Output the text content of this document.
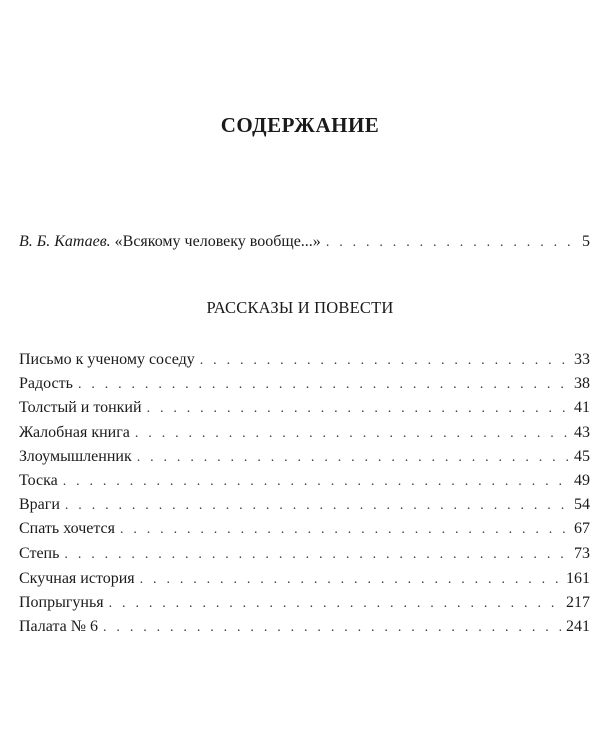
СОДЕРЖАНИЕ
В. Б. Катаев. «Всякому человеку вообще...» . . .	5
РАССКАЗЫ И ПОВЕСТИ
Письмо к ученому соседу . . .	33
Радость . . .	38
Толстый и тонкий . . .	41
Жалобная книга . . .	43
Злоумышленник . . .	45
Тоска . . .	49
Враги . . .	54
Спать хочется . . .	67
Степь . . .	73
Скучная история . . .	161
Попрыгунья . . .	217
Палата № 6 . . .	241
